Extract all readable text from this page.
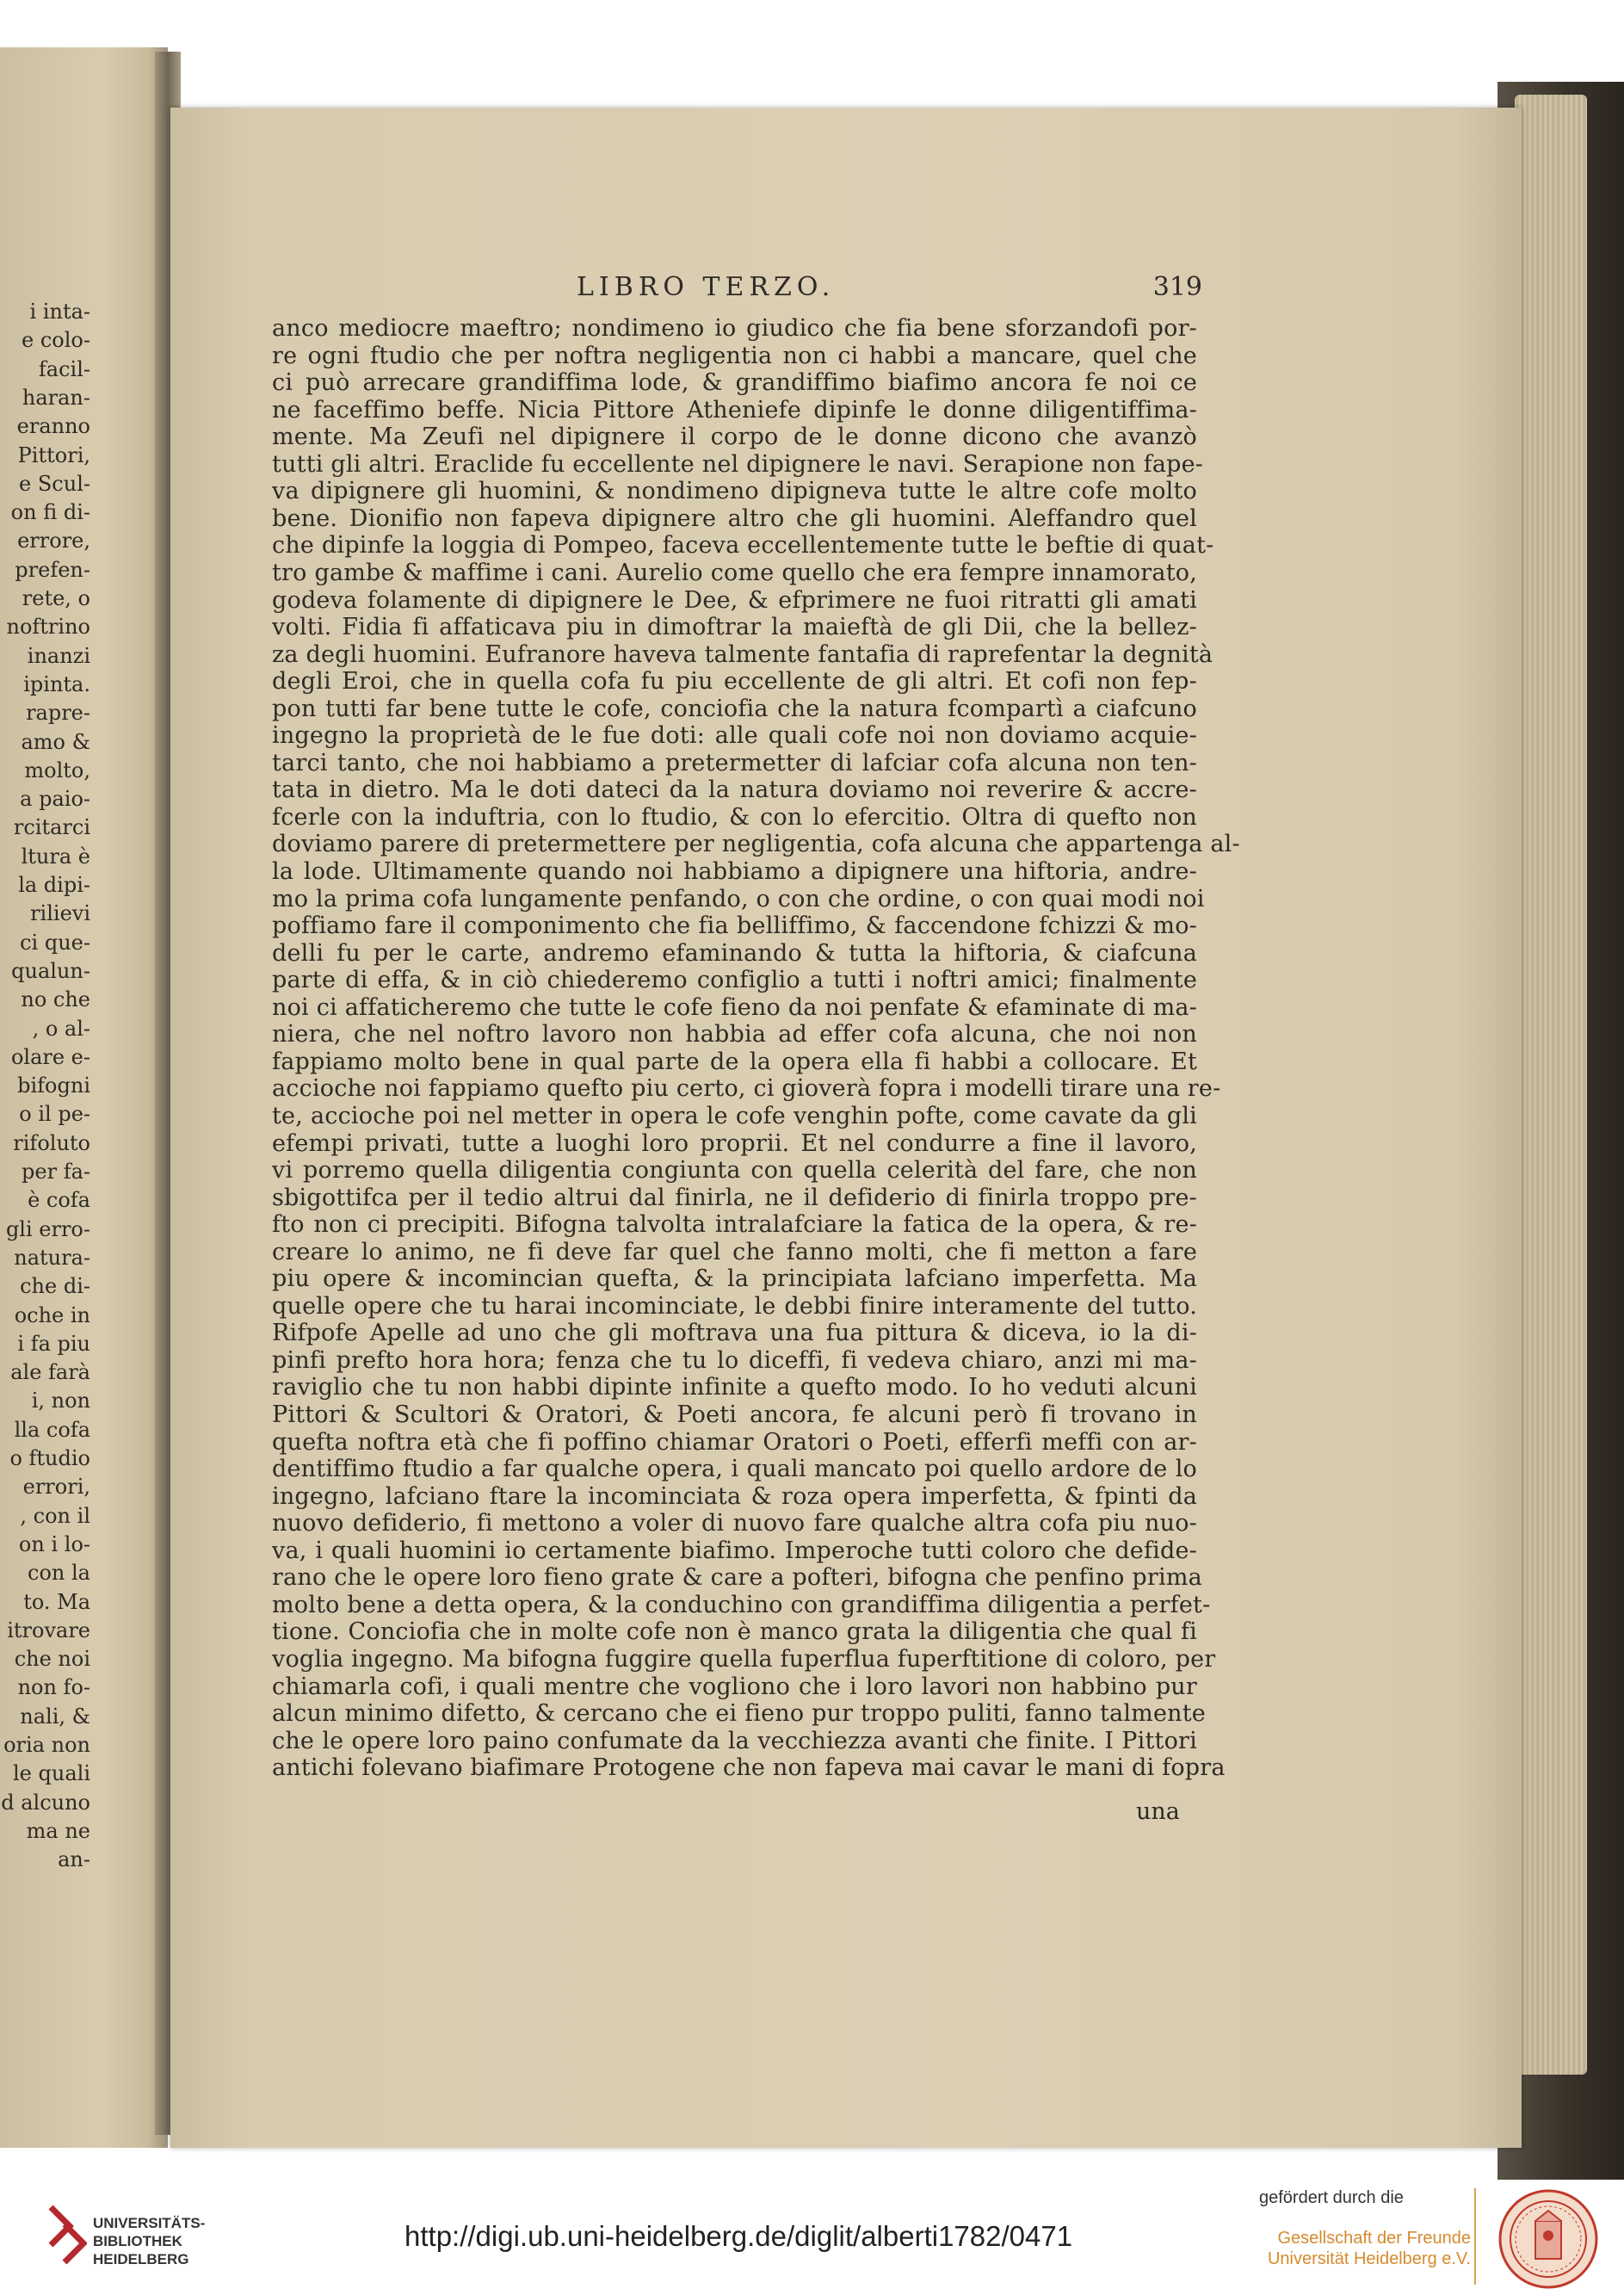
i inta-
e colo-
facil-
haran-
eranno
Pittori,
e Scul-
on fi di-
errore,
prefen-
rete, o
noftrino
inanzi
ipinta.
rapre-
amo &
molto,
a paio-
rcitarci
ltura è
la dipi-
rilievi
ci que-
qualun-
no che
, o al-
olare e-
bifogni
o il pe-
rifoluto
per fa-
è cofa
gli erro-
natura-
che di-
oche in
i fa piu
ale farà
i, non
lla cofa
o ftudio
errori,
, con il
on i lo-
con la
to. Ma
itrovare
che noi
non fo-
nali, &
oria non
le quali
d alcuno
ma ne
an-
LIBRO TERZO.	319
anco mediocre maeftro; nondimeno io giudico che fia bene sforzandofi por-
re ogni ftudio che per noftra negligentia non ci habbi a mancare, quel che
ci può arrecare grandiffima lode, & grandiffimo biafimo ancora fe noi ce
ne faceffimo beffe. Nicia Pittore Atheniefe dipinfe le donne diligentiffima-
mente. Ma Zeufi nel dipignere il corpo de le donne dicono che avanzò
tutti gli altri. Eraclide fu eccellente nel dipignere le navi. Serapione non fape-
va dipignere gli huomini, & nondimeno dipigneva tutte le altre cofe molto
bene. Dionifio non fapeva dipignere altro che gli huomini. Aleffandro quel
che dipinfe la loggia di Pompeo, faceva eccellentemente tutte le beftie di quat-
tro gambe & maffime i cani. Aurelio come quello che era fempre innamorato,
godeva folamente di dipignere le Dee, & efprimere ne fuoi ritratti gli amati
volti. Fidia fi affaticava piu in dimoftrar la maieftà de gli Dii, che la bellez-
za degli huomini. Eufranore haveva talmente fantafia di raprefentar la degnità
degli Eroi, che in quella cofa fu piu eccellente de gli altri. Et cofi non fep-
pon tutti far bene tutte le cofe, conciofia che la natura fcompartì a ciafcuno
ingegno la proprietà de le fue doti: alle quali cofe noi non doviamo acquie-
tarci tanto, che noi habbiamo a pretermetter di lafciar cofa alcuna non ten-
tata in dietro. Ma le doti dateci da la natura doviamo noi reverire & accre-
fcerle con la induftria, con lo ftudio, & con lo efercitio. Oltra di quefto non
doviamo parere di pretermettere per negligentia, cofa alcuna che appartenga al-
la lode. Ultimamente quando noi habbiamo a dipignere una hiftoria, andre-
mo la prima cofa lungamente penfando, o con che ordine, o con quai modi noi
poffiamo fare il componimento che fia belliffimo, & faccendone fchizzi & mo-
delli fu per le carte, andremo efaminando & tutta la hiftoria, & ciafcuna
parte di effa, & in ciò chiederemo configlio a tutti i noftri amici; finalmente
noi ci affaticheremo che tutte le cofe fieno da noi penfate & efaminate di ma-
niera, che nel noftro lavoro non habbia ad effer cofa alcuna, che noi non
fappiamo molto bene in qual parte de la opera ella fi habbi a collocare. Et
accioche noi fappiamo quefto piu certo, ci gioverà fopra i modelli tirare una re-
te, accioche poi nel metter in opera le cofe venghin pofte, come cavate da gli
efempi privati, tutte a luoghi loro proprii. Et nel condurre a fine il lavoro,
vi porremo quella diligentia congiunta con quella celerità del fare, che non
sbigottifca per il tedio altrui dal finirla, ne il defiderio di finirla troppo pre-
fto non ci precipiti. Bifogna talvolta intralafciare la fatica de la opera, & re-
creare lo animo, ne fi deve far quel che fanno molti, che fi metton a fare
piu opere & incomincian quefta, & la principiata lafciano imperfetta. Ma
quelle opere che tu harai incominciate, le debbi finire interamente del tutto.
Rifpofe Apelle ad uno che gli moftrava una fua pittura & diceva, io la di-
pinfi prefto hora hora; fenza che tu lo diceffi, fi vedeva chiaro, anzi mi ma-
raviglio che tu non habbi dipinte infinite a quefto modo. Io ho veduti alcuni
Pittori & Scultori & Oratori, & Poeti ancora, fe alcuni però fi trovano in
quefta noftra età che fi poffino chiamar Oratori o Poeti, efferfi meffi con ar-
dentiffimo ftudio a far qualche opera, i quali mancato poi quello ardore de lo
ingegno, lafciano ftare la incominciata & roza opera imperfetta, & fpinti da
nuovo defiderio, fi mettono a voler di nuovo fare qualche altra cofa piu nuo-
va, i quali huomini io certamente biafimo. Imperoche tutti coloro che defide-
rano che le opere loro fieno grate & care a pofteri, bifogna che penfino prima
molto bene a detta opera, & la conduchino con grandiffima diligentia a perfet-
tione. Conciofia che in molte cofe non è manco grata la diligentia che qual fi
voglia ingegno. Ma bifogna fuggire quella fuperflua fuperftitione di coloro, per
chiamarla cofi, i quali mentre che vogliono che i loro lavori non habbino pur
alcun minimo difetto, & cercano che ei fieno pur troppo puliti, fanno talmente
che le opere loro paino confumate da la vecchiezza avanti che finite. I Pittori
antichi folevano biafimare Protogene che non fapeva mai cavar le mani di fopra
una
UNIVERSITÄTS-
BIBLIOTHEK
HEIDELBERG
http://digi.ub.uni-heidelberg.de/diglit/alberti1782/0471
gefördert durch die
Gesellschaft der Freunde
Universität Heidelberg e.V.
